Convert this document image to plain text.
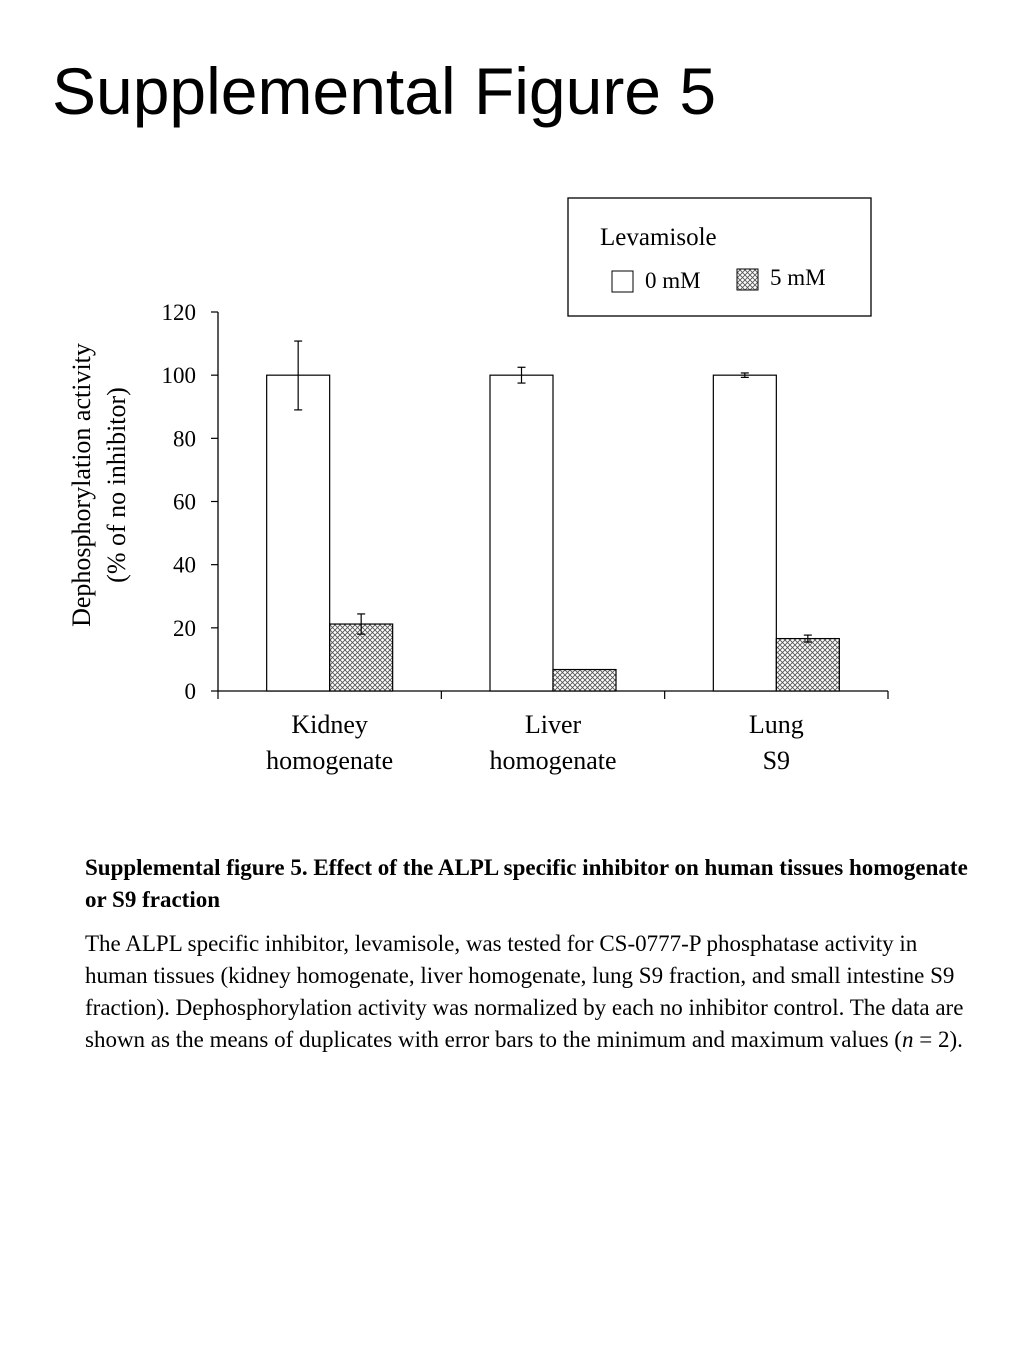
Supplemental Figure 5
Dephosphorylation activity (% of no inhibitor)
Levamisole
0 mM	5 mM
0
20
40
60
80
100
120
Kidney
homogenate
Liver
homogenate
Lung
S9

Supplemental figure 5. Effect of the ALPL specific inhibitor on human tissues homogenate or S9 fraction

The ALPL specific inhibitor, levamisole, was tested for CS-0777-P phosphatase activity in human tissues (kidney homogenate, liver homogenate, lung S9 fraction, and small intestine S9 fraction). Dephosphorylation activity was normalized by each no inhibitor control. The data are shown as the means of duplicates with error bars to the minimum and maximum values (n = 2).
